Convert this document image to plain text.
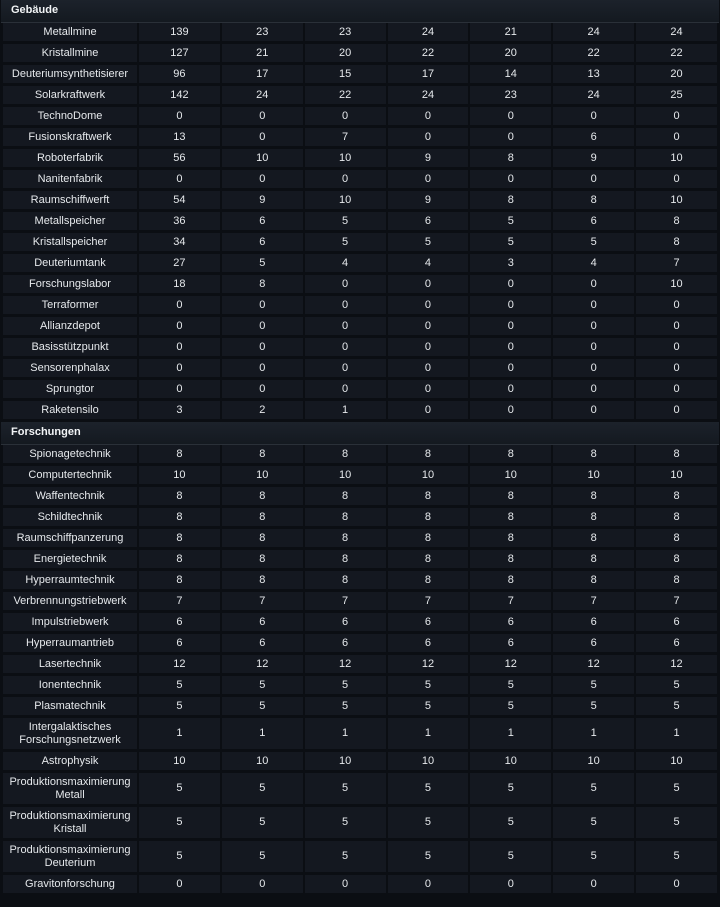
Gebäude
Metallmine	139	23	23	24	21	24	24
Kristallmine	127	21	20	22	20	22	22
Deuteriumsynthetisierer	96	17	15	17	14	13	20
Solarkraftwerk	142	24	22	24	23	24	25
TechnoDome	0	0	0	0	0	0	0
Fusionskraftwerk	13	0	7	0	0	6	0
Roboterfabrik	56	10	10	9	8	9	10
Nanitenfabrik	0	0	0	0	0	0	0
Raumschiffwerft	54	9	10	9	8	8	10
Metallspeicher	36	6	5	6	5	6	8
Kristallspeicher	34	6	5	5	5	5	8
Deuteriumtank	27	5	4	4	3	4	7
Forschungslabor	18	8	0	0	0	0	10
Terraformer	0	0	0	0	0	0	0
Allianzdepot	0	0	0	0	0	0	0
Basisstützpunkt	0	0	0	0	0	0	0
Sensorenphalax	0	0	0	0	0	0	0
Sprungtor	0	0	0	0	0	0	0
Raketensilo	3	2	1	0	0	0	0
Forschungen
Spionagetechnik	8	8	8	8	8	8	8
Computertechnik	10	10	10	10	10	10	10
Waffentechnik	8	8	8	8	8	8	8
Schildtechnik	8	8	8	8	8	8	8
Raumschiffpanzerung	8	8	8	8	8	8	8
Energietechnik	8	8	8	8	8	8	8
Hyperraumtechnik	8	8	8	8	8	8	8
Verbrennungstriebwerk	7	7	7	7	7	7	7
Impulstriebwerk	6	6	6	6	6	6	6
Hyperraumantrieb	6	6	6	6	6	6	6
Lasertechnik	12	12	12	12	12	12	12
Ionentechnik	5	5	5	5	5	5	5
Plasmatechnik	5	5	5	5	5	5	5
Intergalaktisches Forschungsnetzwerk	1	1	1	1	1	1	1
Astrophysik	10	10	10	10	10	10	10
Produktionsmaximierung Metall	5	5	5	5	5	5	5
Produktionsmaximierung Kristall	5	5	5	5	5	5	5
Produktionsmaximierung Deuterium	5	5	5	5	5	5	5
Gravitonforschung	0	0	0	0	0	0	0
